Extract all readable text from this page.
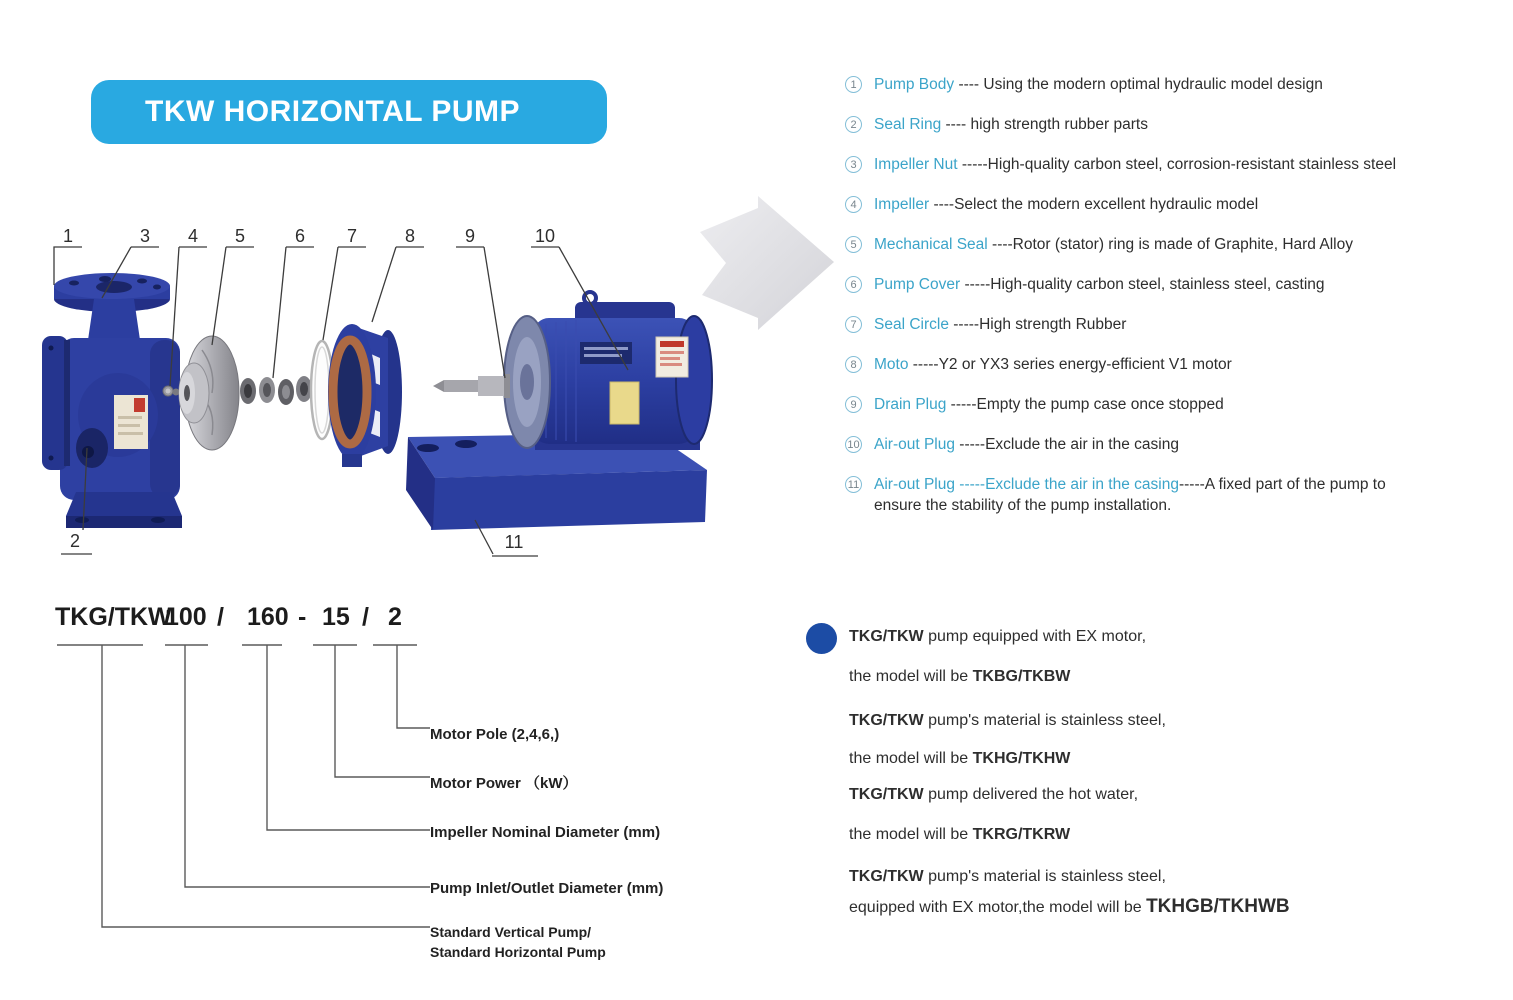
TKW HORIZONTAL PUMP
1	3 4 5	6 7	8	9	10
2	11
1	Pump Body ---- Using the modern optimal hydraulic model design
2	Seal Ring ---- high strength rubber parts
3	Impeller Nut -----High-quality carbon steel, corrosion-resistant stainless steel
4	Impeller ----Select the modern excellent hydraulic model
5	Mechanical Seal ----Rotor (stator) ring is made of Graphite, Hard Alloy
6	Pump Cover -----High-quality carbon steel, stainless steel, casting
7	Seal Circle -----High strength Rubber
8	Moto -----Y2 or YX3 series energy-efficient V1 motor
9	Drain Plug -----Empty the pump case once stopped
10 Air-out Plug -----Exclude the air in the casing
11 Air-out Plug -----Exclude the air in the casing-----A fixed part of the pump to
ensure the stability of the pump installation.
TKG/TKW
100 / 160 - 15 / 2
Motor Pole (2,4,6,)
Motor Power （kW）
Impeller Nominal Diameter (mm)
Pump Inlet/Outlet Diameter (mm)
Standard Vertical Pump/
Standard Horizontal Pump
TKG/TKW pump equipped with EX motor,
the model will be TKBG/TKBW
TKG/TKW pump's material is stainless steel,
the model will be TKHG/TKHW
TKG/TKW pump delivered the hot water,
the model will be TKRG/TKRW
TKG/TKW pump's material is stainless steel,
equipped with EX motor,the model will be TKHGB/TKHWB
